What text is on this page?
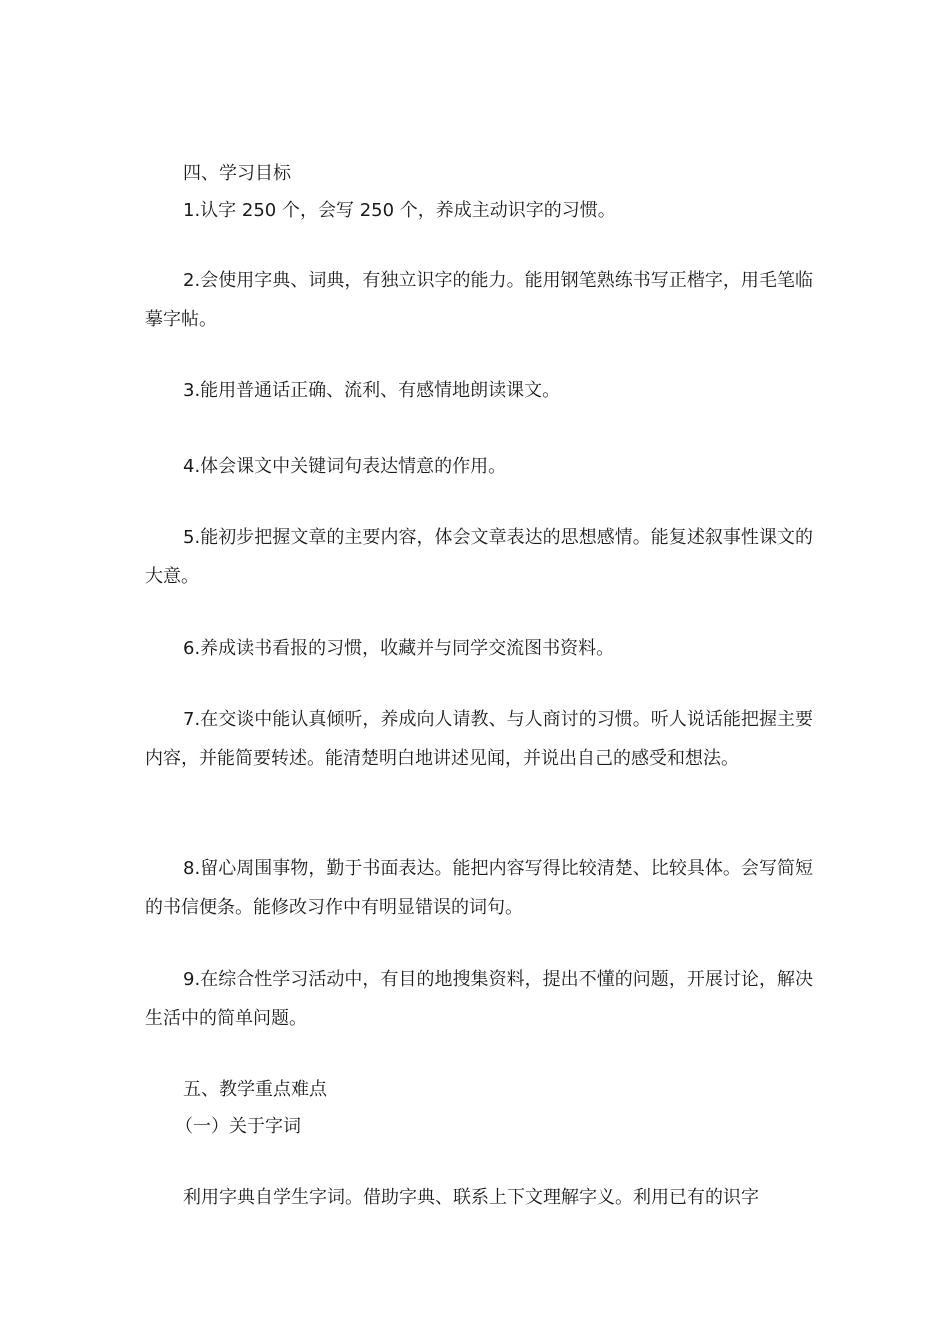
四、学习目标
1.认字 250 个，会写 250 个，养成主动识字的习惯。
2.会使用字典、词典，有独立识字的能力。能用钢笔熟练书写正楷字，用毛笔临摹字帖。
3.能用普通话正确、流利、有感情地朗读课文。
4.体会课文中关键词句表达情意的作用。
5.能初步把握文章的主要内容，体会文章表达的思想感情。能复述叙事性课文的大意。
6.养成读书看报的习惯，收藏并与同学交流图书资料。
7.在交谈中能认真倾听，养成向人请教、与人商讨的习惯。听人说话能把握主要内容，并能简要转述。能清楚明白地讲述见闻，并说出自己的感受和想法。
8.留心周围事物，勤于书面表达。能把内容写得比较清楚、比较具体。会写简短的书信便条。能修改习作中有明显错误的词句。
9.在综合性学习活动中，有目的地搜集资料，提出不懂的问题，开展讨论，解决生活中的简单问题。
五、教学重点难点
（一）关于字词
利用字典自学生字词。借助字典、联系上下文理解字义。利用已有的识字
